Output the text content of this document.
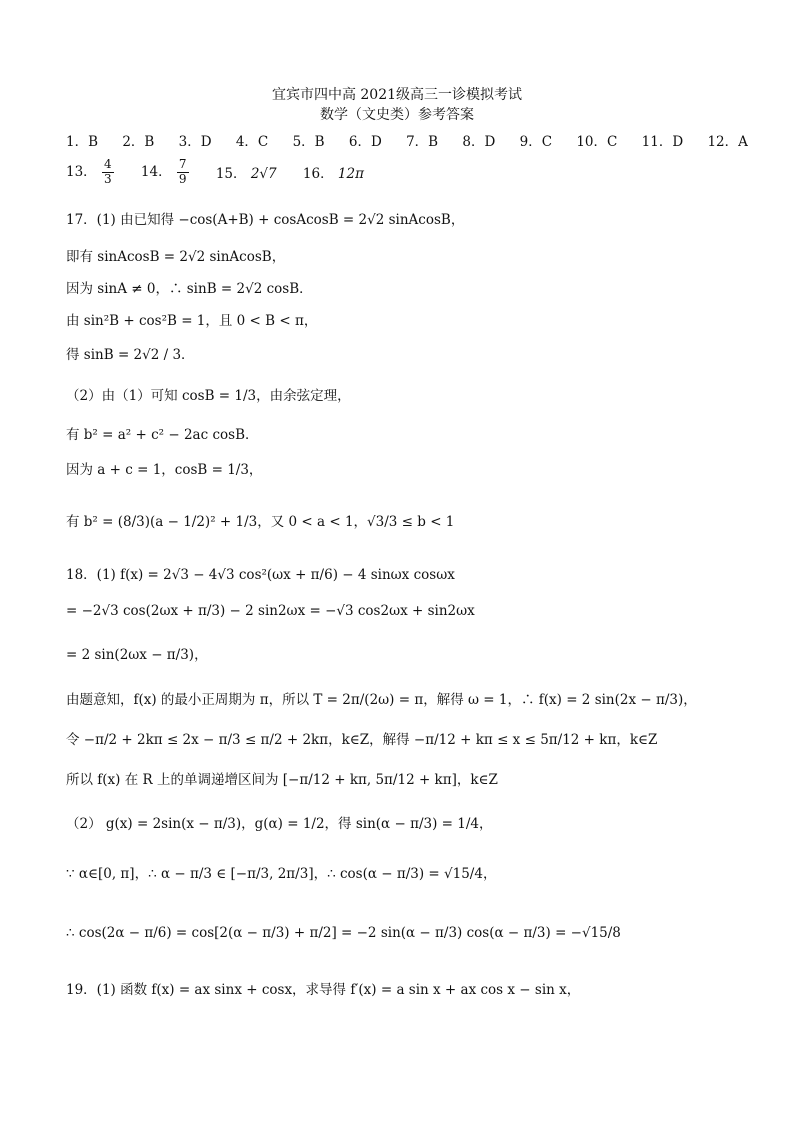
宜宾市四中高 2021级高三一诊模拟考试
数学（文史类）参考答案
1．B 2．B 3．D 4．C 5．B 6．D 7．B 8．D 9．C 10．C 11．D 12．A
13． $\frac{4}{3} 14$． $\frac{7}{9} 15$． 2√7 16． 12π
17．(1) 由已知得 −cos(A+B) + cosAcosB = 2√2 sinAcosB，
即有 sinAcosB = 2√2 sinAcosB，
因为 sinA ≠ 0，∴ sinB = 2√2 cosB．
由 sin²B + cos²B = 1，且 0 < B < π，
得 sinB = 2√2 / 3．
（2）由（1）可知 cosB = 1/3，由余弦定理，
有 b² = a² + c² − 2ac cosB．
因为 a + c = 1，cosB = 1/3，
有 b² = (8/3)(a − 1/2)² + 1/3，又 0 < a < 1，√3/3 ≤ b < 1
18．(1) f(x) = 2√3 − 4√3 cos²(ωx + π/6) − 4 sinωx cosωx
= −2√3 cos(2ωx + π/3) − 2 sin2ωx = −√3 cos2ωx + sin2ωx
= 2 sin(2ωx − π/3)，
由题意知，f(x) 的最小正周期为 π，所以 T = 2π/(2ω) = π，解得 ω = 1，∴ f(x) = 2 sin(2x − π/3)，
令 −π/2 + 2kπ ≤ 2x − π/3 ≤ π/2 + 2kπ，k∈Z，解得 −π/12 + kπ ≤ x ≤ 5π/12 + kπ，k∈Z
所以 f(x) 在 R 上的单调递增区间为 [−π/12 + kπ, 5π/12 + kπ]，k∈Z
（2） g(x) = 2sin(x − π/3)，g(α) = 1/2，得 sin(α − π/3) = 1/4，
∵ α∈[0, π]，∴ α − π/3 ∈ [−π/3, 2π/3]，∴ cos(α − π/3) = √15/4，
∴ cos(2α − π/6) = cos[2(α − π/3) + π/2] = −2 sin(α − π/3) cos(α − π/3) = −√15/8
19．(1) 函数 f(x) = ax sinx + cosx，求导得 f′(x) = a sin x + ax cos x − sin x，
